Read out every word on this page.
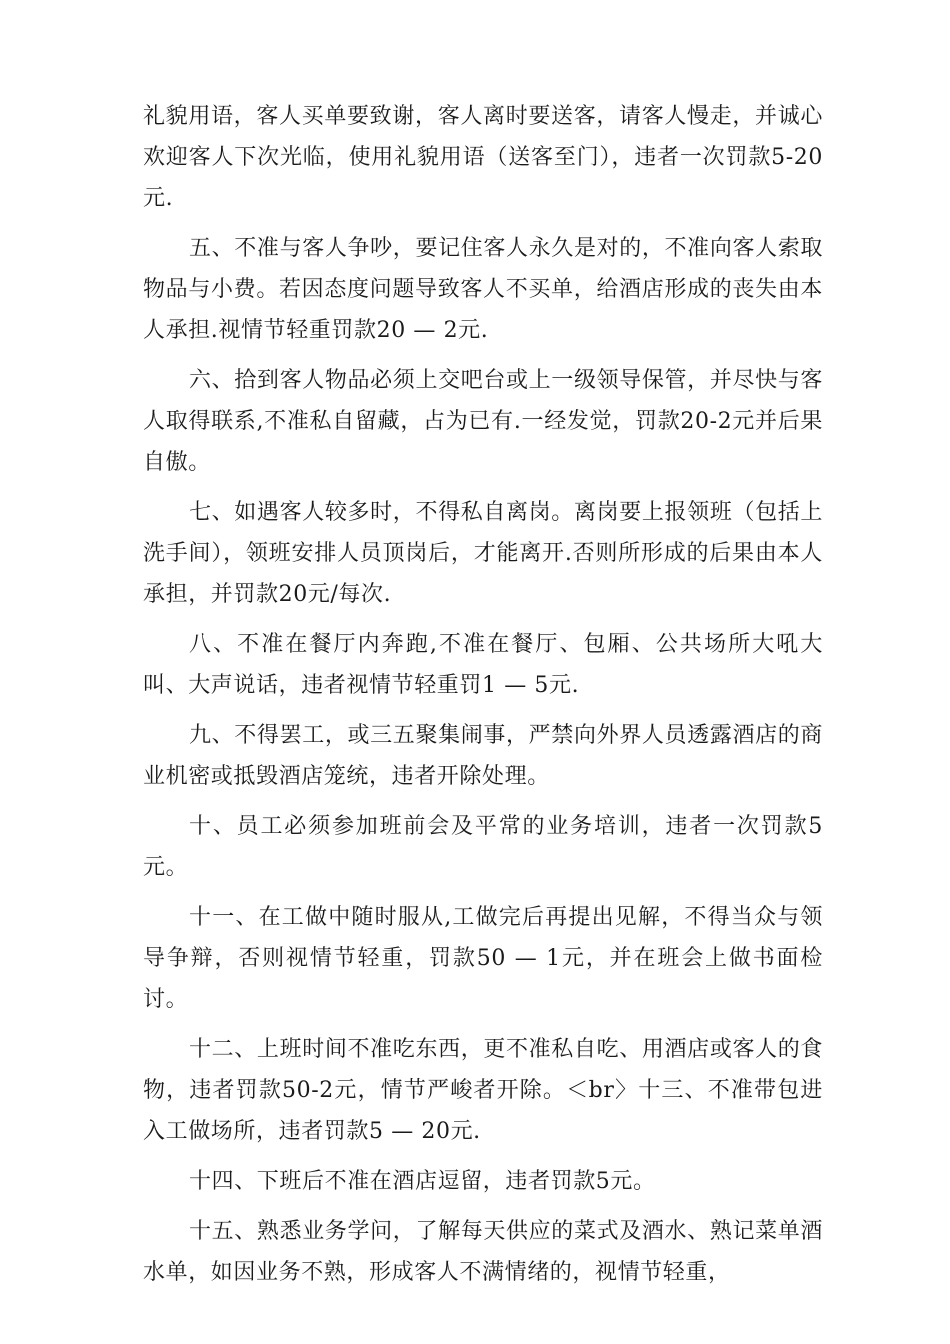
礼貌用语，客人买单要致谢，客人离时要送客，请客人慢走，并诚心欢迎客人下次光临，使用礼貌用语（送客至门），违者一次罚款5-20元.

五、不准与客人争吵，要记住客人永久是对的，不准向客人索取物品与小费。若因态度问题导致客人不买单，给酒店形成的丧失由本人承担.视情节轻重罚款20 — 2元.

六、拾到客人物品必须上交吧台或上一级领导保管，并尽快与客人取得联系,不准私自留藏，占为已有.一经发觉，罚款20-2元并后果自傲。

七、如遇客人较多时，不得私自离岗。离岗要上报领班（包括上洗手间），领班安排人员顶岗后，才能离开.否则所形成的后果由本人承担，并罚款20元/每次.

八、不准在餐厅内奔跑,不准在餐厅、包厢、公共场所大吼大叫、大声说话，违者视情节轻重罚1 — 5元.

九、不得罢工，或三五聚集闹事，严禁向外界人员透露酒店的商业机密或抵毁酒店笼统，违者开除处理。

十、员工必须参加班前会及平常的业务培训，违者一次罚款5元。

十一、在工做中随时服从,工做完后再提出见解，不得当众与领导争辩，否则视情节轻重，罚款50 — 1元，并在班会上做书面检讨。

十二、上班时间不准吃东西，更不准私自吃、用酒店或客人的食物，违者罚款50-2元，情节严峻者开除。＜br〉十三、不准带包进入工做场所，违者罚款5 — 20元.

十四、下班后不准在酒店逗留，违者罚款5元。

十五、熟悉业务学问，了解每天供应的菜式及酒水、熟记菜单酒水单，如因业务不熟，形成客人不满情绪的，视情节轻重，
